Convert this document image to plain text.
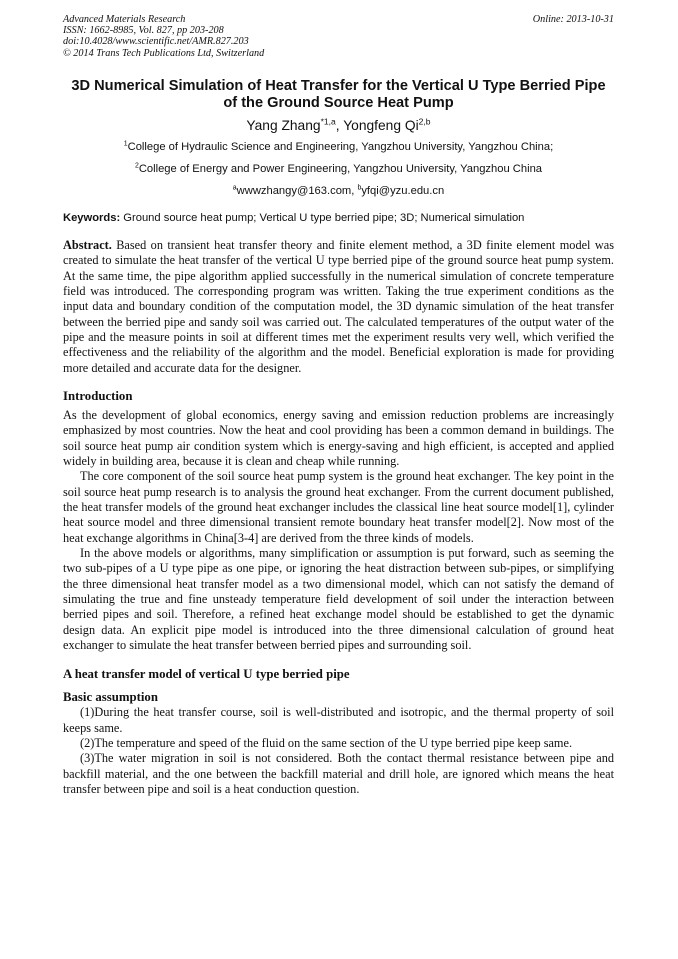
Advanced Materials Research
ISSN: 1662-8985, Vol. 827, pp 203-208
doi:10.4028/www.scientific.net/AMR.827.203
© 2014 Trans Tech Publications Ltd, Switzerland
Online: 2013-10-31
3D Numerical Simulation of Heat Transfer for the Vertical U Type Berried Pipe of the Ground Source Heat Pump
Yang Zhang$^{*1,a}$, Yongfeng Qi$^{2,b}$
$^1$College of Hydraulic Science and Engineering, Yangzhou University, Yangzhou China;
$^2$College of Energy and Power Engineering, Yangzhou University, Yangzhou China
$^a$wwwzhangy@163.com, $^b$yfqi@yzu.edu.cn
Keywords: Ground source heat pump; Vertical U type berried pipe; 3D; Numerical simulation

Abstract. Based on transient heat transfer theory and finite element method, a 3D finite element model was created to simulate the heat transfer of the vertical U type berried pipe of the ground source heat pump system. At the same time, the pipe algorithm applied successfully in the numerical simulation of concrete temperature field was introduced. The corresponding program was written. Taking the true experiment conditions as the input data and boundary condition of the computation model, the 3D dynamic simulation of the heat transfer between the berried pipe and sandy soil was carried out. The calculated temperatures of the output water of the pipe and the measure points in soil at different times met the experiment results very well, which verified the effectiveness and the reliability of the algorithm and the model. Beneficial exploration is made for providing more detailed and accurate data for the designer.

Introduction

As the development of global economics, energy saving and emission reduction problems are increasingly emphasized by most countries. Now the heat and cool providing has been a common demand in buildings. The soil source heat pump air condition system which is energy-saving and high efficient, is accepted and applied widely in building area, because it is clean and cheap while running.

The core component of the soil source heat pump system is the ground heat exchanger. The key point in the soil source heat pump research is to analysis the ground heat exchanger. From the current document published, the heat transfer models of the ground heat exchanger includes the classical line heat source model[1], cylinder heat source model and three dimensional transient remote boundary heat transfer model[2]. Now most of the heat exchange algorithms in China[3-4] are derived from the three kinds of models.

In the above models or algorithms, many simplification or assumption is put forward, such as seeming the two sub-pipes of a U type pipe as one pipe, or ignoring the heat distraction between sub-pipes, or simplifying the three dimensional heat transfer model as a two dimensional model, which can not satisfy the demand of simulating the true and fine unsteady temperature field development of soil under the interaction between berried pipes and soil. Therefore, a refined heat exchange model should be established to get the dynamic design data. An explicit pipe model is introduced into the three dimensional calculation of ground heat exchanger to simulate the heat transfer between berried pipes and surrounding soil.

A heat transfer model of vertical U type berried pipe
Basic assumption

(1)During the heat transfer course, soil is well-distributed and isotropic, and the thermal property of soil keeps same.

(2)The temperature and speed of the fluid on the same section of the U type berried pipe keep same.

(3)The water migration in soil is not considered. Both the contact thermal resistance between pipe and backfill material, and the one between the backfill material and drill hole, are ignored which means the heat transfer between pipe and soil is a heat conduction question.
